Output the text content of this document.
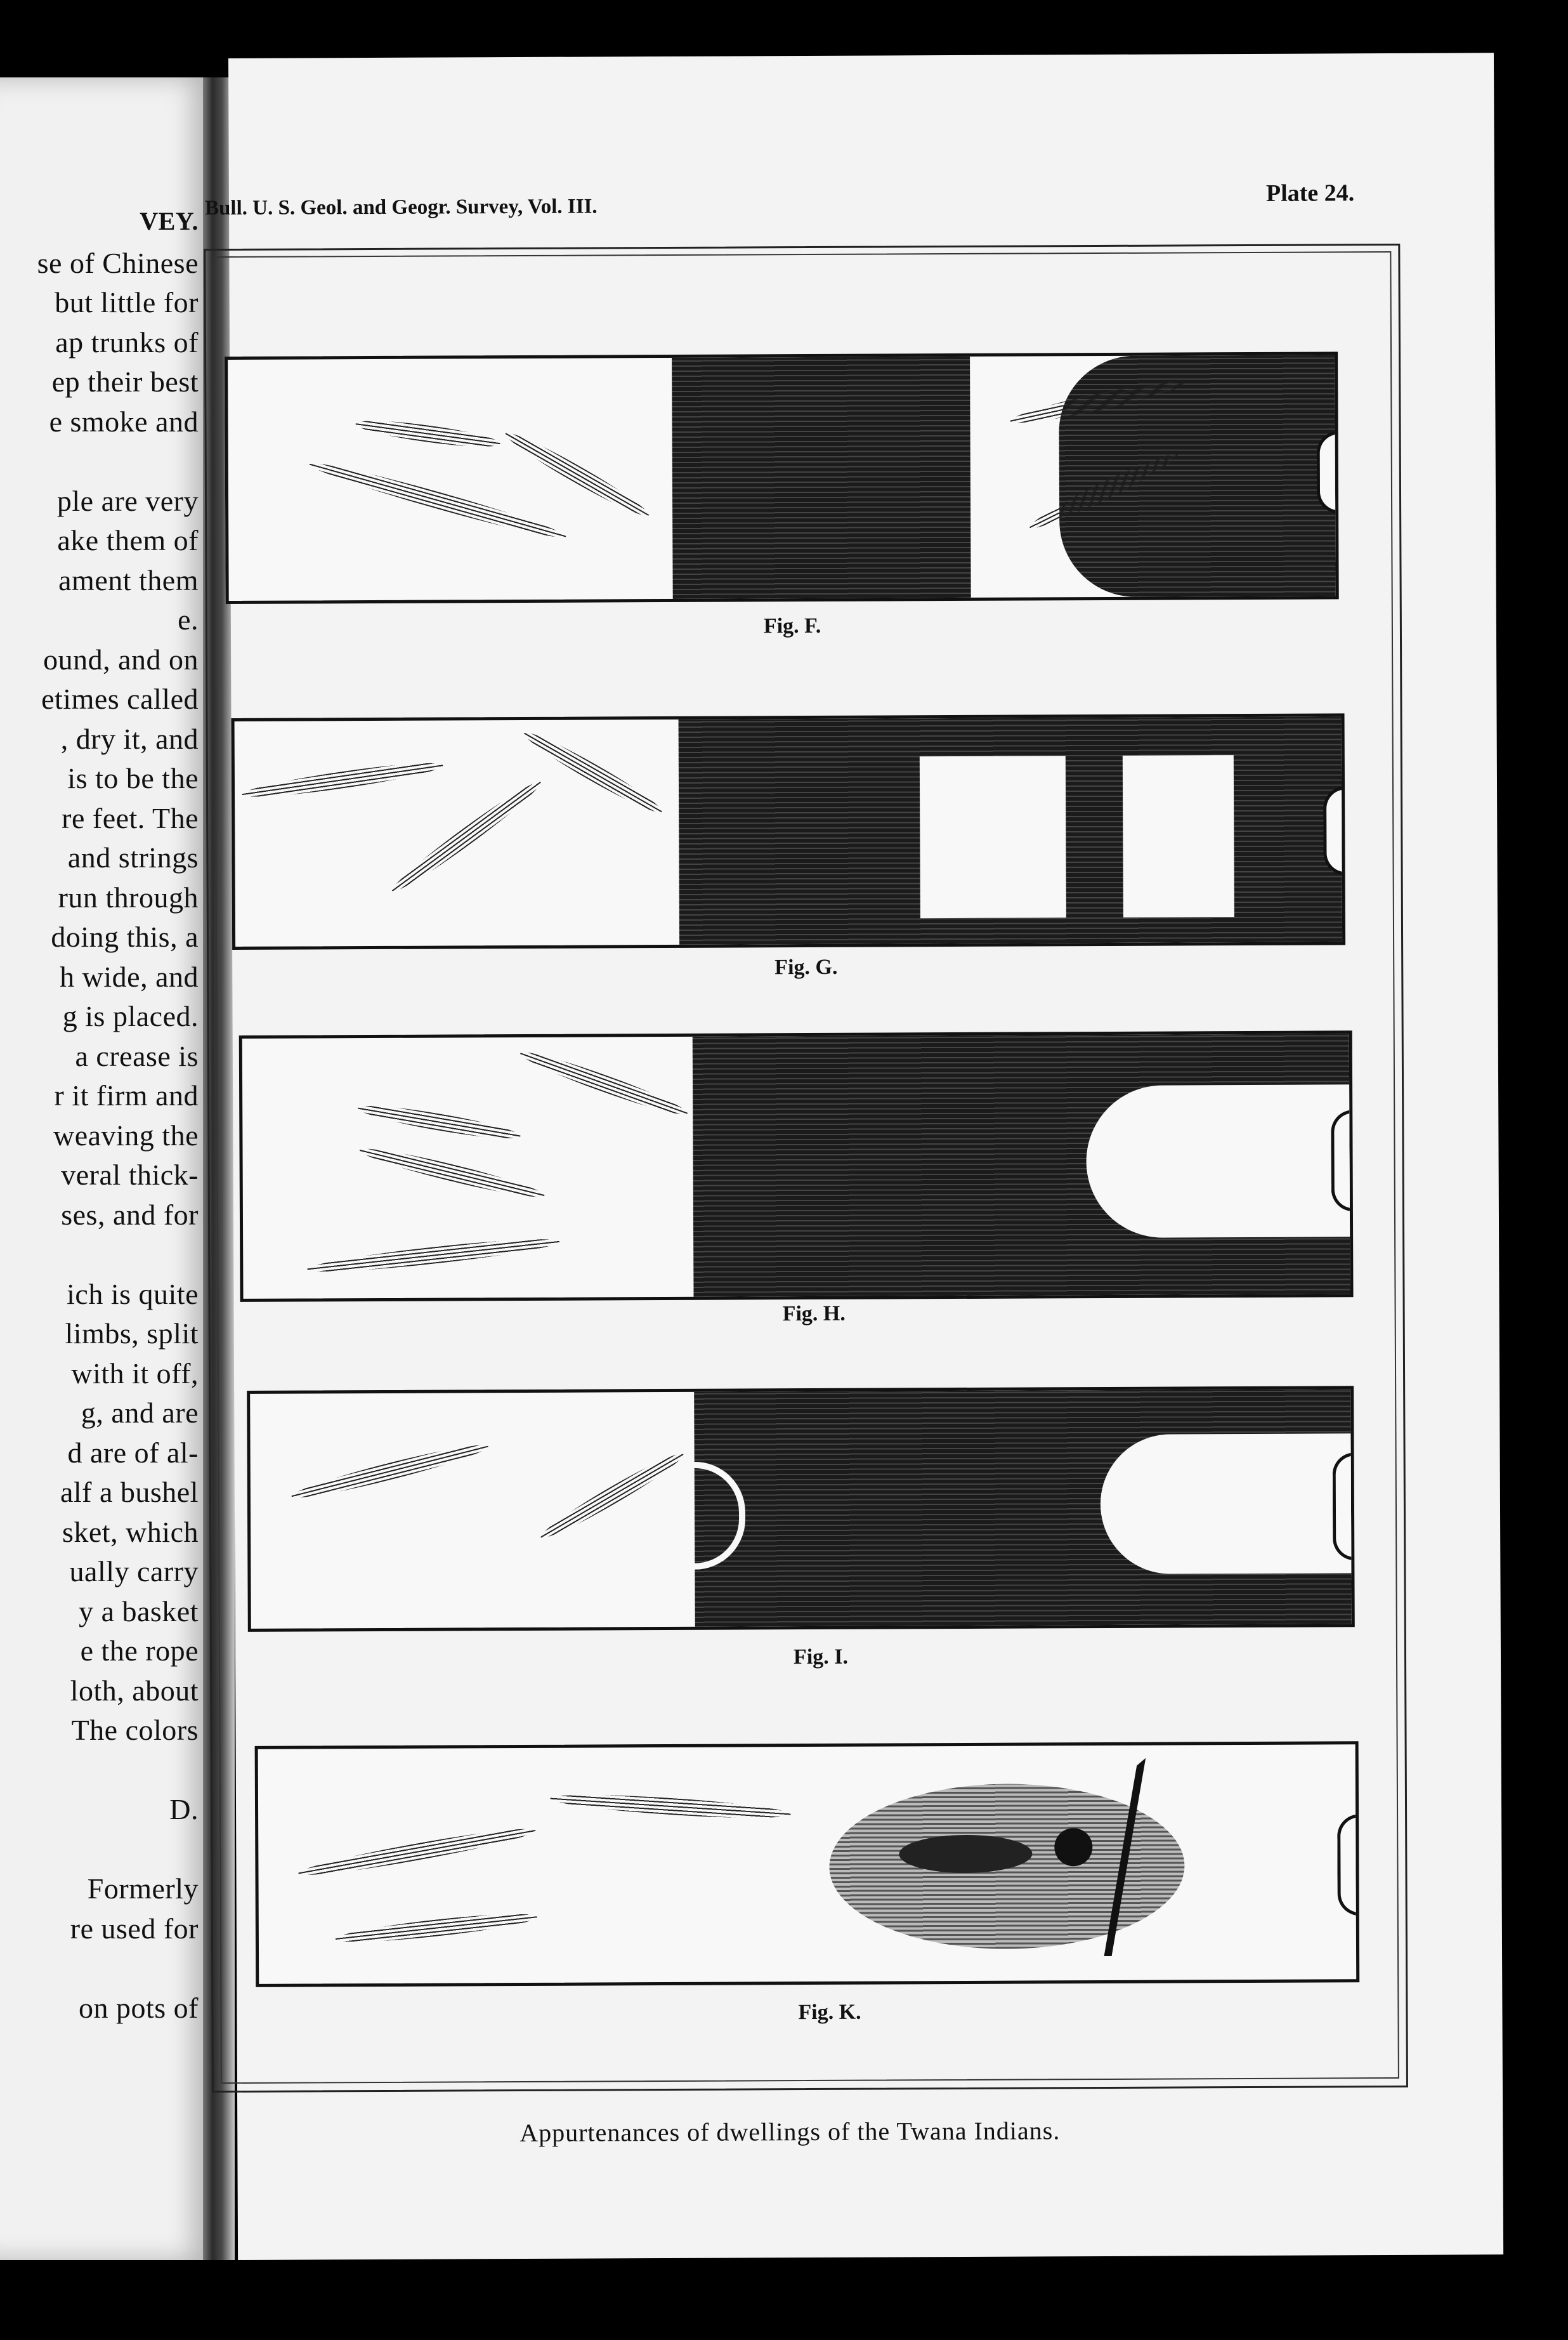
VEY.
se of Chinese
but little for
ap trunks of
ep their best
e smoke and
ple are very
ake them of
ament them
e.
ound, and on
etimes called
, dry it, and
is to be the
re feet. The
and strings
run through
doing this, a
h wide, and
g is placed.
a crease is
r it firm and
weaving the
veral thick-
ses, and for
ich is quite
limbs, split
with it off,
g, and are
d are of al-
alf a bushel
sket, which
ually carry
y a basket
e the rope
loth, about
The colors
D.
Formerly
re used for
on pots of
Bull. U. S. Geol. and Geogr. Survey, Vol. III.
Plate 24.
Fig. F.
Fig. G.
Fig. H.
Fig. I.
Fig. K.
Appurtenances of dwellings of the Twana Indians.
